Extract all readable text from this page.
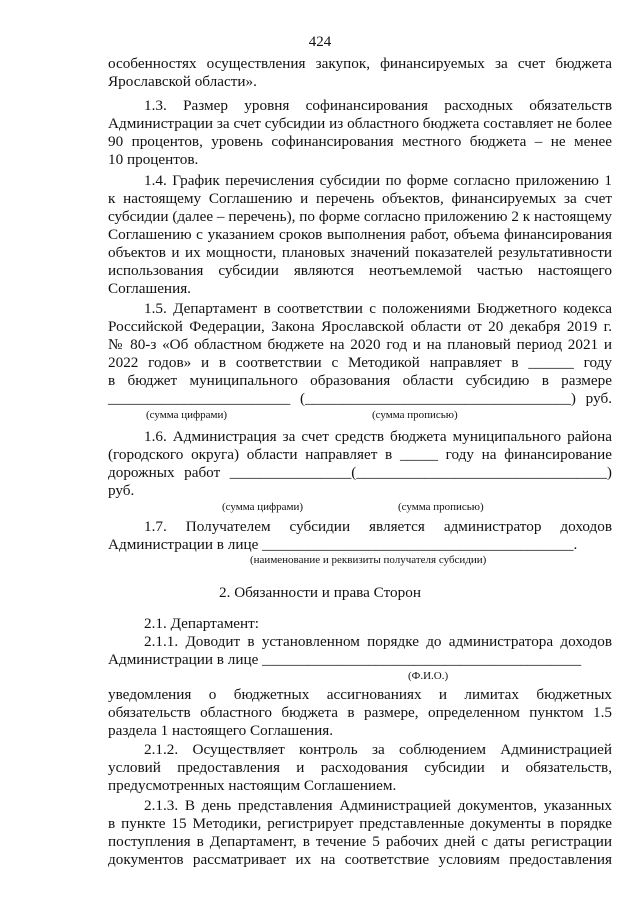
424
особенностях осуществления закупок, финансируемых за счет бюджета
Ярославской области».
1.3. Размер уровня софинансирования расходных обязательств
Администрации за счет субсидии из областного бюджета составляет не более
90 процентов, уровень софинансирования местного бюджета – не менее
10 процентов.
1.4. График перечисления субсидии по форме согласно приложению 1
к настоящему Соглашению и перечень объектов, финансируемых за счет
субсидии (далее – перечень), по форме согласно приложению 2 к настоящему
Соглашению с указанием сроков выполнения работ, объема финансирования
объектов и их мощности, плановых значений показателей результативности
использования субсидии являются неотъемлемой частью настоящего
Соглашения.
1.5. Департамент в соответствии с положениями Бюджетного кодекса
Российской Федерации, Закона Ярославской области от 20 декабря 2019 г.
№ 80-з «Об областном бюджете на 2020 год и на плановый период 2021 и
2022 годов» и в соответствии с Методикой направляет в ______ году
в бюджет муниципального образования области субсидию в размере
________________________ (___________________________________) руб.
(сумма цифрами)	(сумма прописью)
1.6. Администрация за счет средств бюджета муниципального района
(городского округа) области направляет в _____ году на финансирование
дорожных работ ________________(_________________________________)
руб.
(сумма цифрами)	(сумма прописью)
1.7. Получателем субсидии является администратор доходов
Администрации в лице _________________________________________.
(наименование и реквизиты получателя субсидии)
2. Обязанности и права Сторон
2.1. Департамент:
2.1.1. Доводит в установленном порядке до администратора доходов
Администрации в лице __________________________________________
(Ф.И.О.)
уведомления о бюджетных ассигнованиях и лимитах бюджетных
обязательств областного бюджета в размере, определенном пунктом 1.5
раздела 1 настоящего Соглашения.
2.1.2. Осуществляет контроль за соблюдением Администрацией
условий предоставления и расходования субсидии и обязательств,
предусмотренных настоящим Соглашением.
2.1.3. В день представления Администрацией документов, указанных
в пункте 15 Методики, регистрирует представленные документы в порядке
поступления в Департамент, в течение 5 рабочих дней с даты регистрации
документов рассматривает их на соответствие условиям предоставления
